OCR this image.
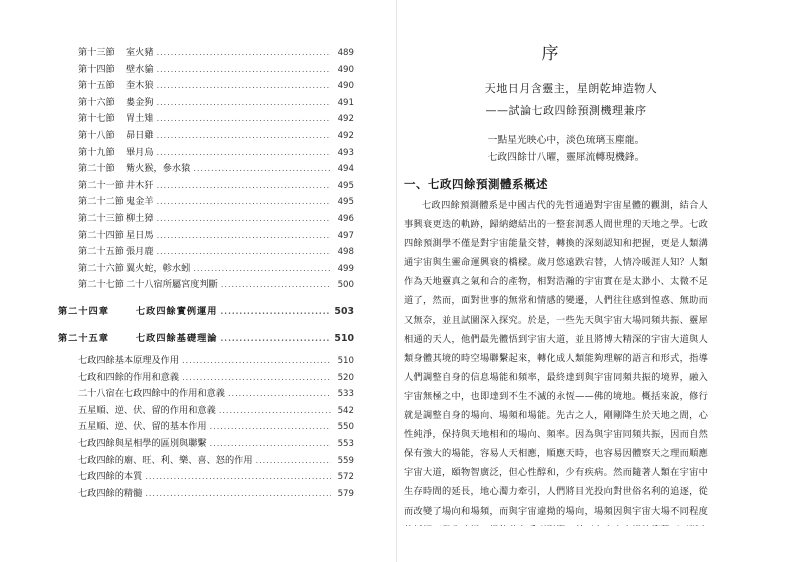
第十三節	室火豬 .....	489
第十四節	壁水貐 .....	490
第十五節	奎木狼 .....	490
第十六節	婁金狗 .....	491
第十七節	胃土雉 .....	492
第十八節	昴日雞 .....	492
第十九節	畢月烏 .....	493
第二十節	觜火猴，參水猿 .....	494
第二十一節 井木犴 .....	495
第二十二節 鬼金羊 .....	495
第二十三節 柳土獐 .....	496
第二十四節 星日馬 .....	497
第二十五節 張月鹿 .....	498
第二十六節 翼火蛇，軫水蚓 .....	499
第二十七節 二十八宿所屬宮度判斷 .....	500
第二十四章	七政四餘實例運用 .....	503
第二十五章	七政四餘基礎理論 .....	510
七政四餘基本原理及作用 .....	510
七政和四餘的作用和意義 .....	520
二十八宿在七政四餘中的作用和意義 .....	533
五星順、逆、伏、留的作用和意義 .....	542
五星順、逆、伏、留的基本作用 .....	550
七政四餘與星相學的區別與聯繫 .....	553
七政四餘的廟、旺、利、樂、喜、怒的作用 .....	559
七政四餘的本質 .....	572
七政四餘的精髓 .....	579
序
天地日月含靈主，星朗乾坤造物人
——試論七政四餘預測機理兼序
一點星光映心中，淡色琉璃玉塵龍。
七政四餘廿八曜，靈犀流轉現機鋒。
一、七政四餘預測體系概述
七政四餘預測體系是中國古代的先哲通過對宇宙星體的觀測，結合人事興衰更迭的軌跡，歸納總結出的一整套洞悉人間世理的天地之學。七政四餘預測學不僅是對宇宙能量交替，轉換的深刻認知和把握，更是人類溝通宇宙與生靈命運興衰的橋樑。歲月悠遠跌宕替，人情冷暖涯人知？人類作為天地靈真之氣和合的產物，相對浩瀚的宇宙實在是太渺小、太微不足道了，然而，面對世事的無常和情感的變遷，人們往往感到惶惑、無助而又無奈，並且試圖深入探究。於是，一些先天與宇宙大場同頻共振、靈犀相通的天人，他們最先體悟到宇宙大道，並且將博大精深的宇宙大道與人類身體其境的時空場聯繫起來，轉化成人類能夠理解的語言和形式，指導人們調整自身的信息場能和頻率，最終達到與宇宙同頻共振的境界，融入宇宙無極之中，也即達到不生不滅的永恆——佛的境地。概括來說，修行就是調整自身的場向、場頻和場能。先古之人，剛剛降生於天地之間，心性純淨，保持與天地相和的場向、頻率。因為與宇宙同頻共振，因而自然保有強大的場能，容易人天相應，順應天時，也容易因體察天之理而順應宇宙大道，頤物智廣泛，但心性醇和，少有疾病。然而隨著人類在宇宙中生存時間的延長，地心濁力牽引，人們將目光投向對世俗名利的追逐，從而改變了場向和場頻，而與宇宙違拗的場向，場頻因與宇宙大場不同程度
